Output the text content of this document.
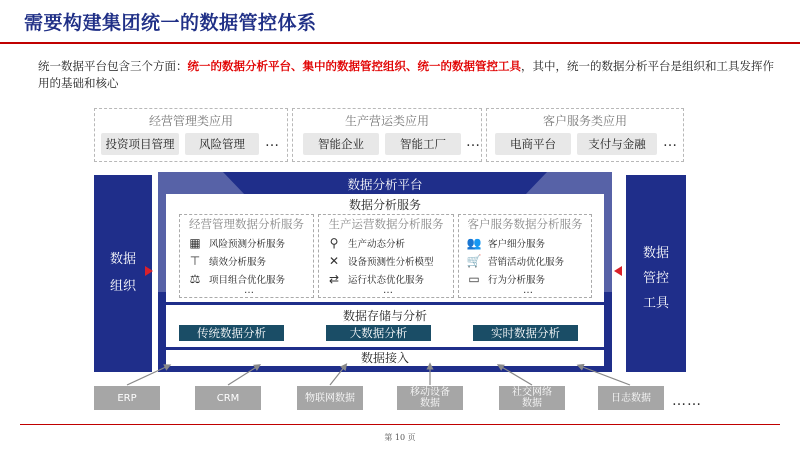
需要构建集团统一的数据管控体系
统一数据平台包含三个方面：统一的数据分析平台、集中的数据管控组织、统一的数据管控工具，其中，统一的数据分析平台是组织和工具发挥作用的基础和核心
经营管理类应用
投资项目管理	风险管理	…
生产营运类应用
智能企业	智能工厂	…
客户服务类应用
电商平台	支付与金融	…
数据
组织
数据
管控
工具
数据分析平台
数据分析服务
经营管理数据分析服务
▦ 风险预测分析服务
⊤ 绩效分析服务
⚖ 项目组合优化服务
…
生产运营数据分析服务
⚲ 生产动态分析
✕ 设备预测性分析模型
⇄ 运行状态优化服务
…
客户服务数据分析服务
👥 客户细分服务
🛒 营销活动优化服务
▭ 行为分析服务
…
数据存储与分析
传统数据分析	大数据分析	实时数据分析
数据接入
ERP	CRM	物联网数据	移动设备
数据
社交网络
数据	日志数据 ……
第 10 页
